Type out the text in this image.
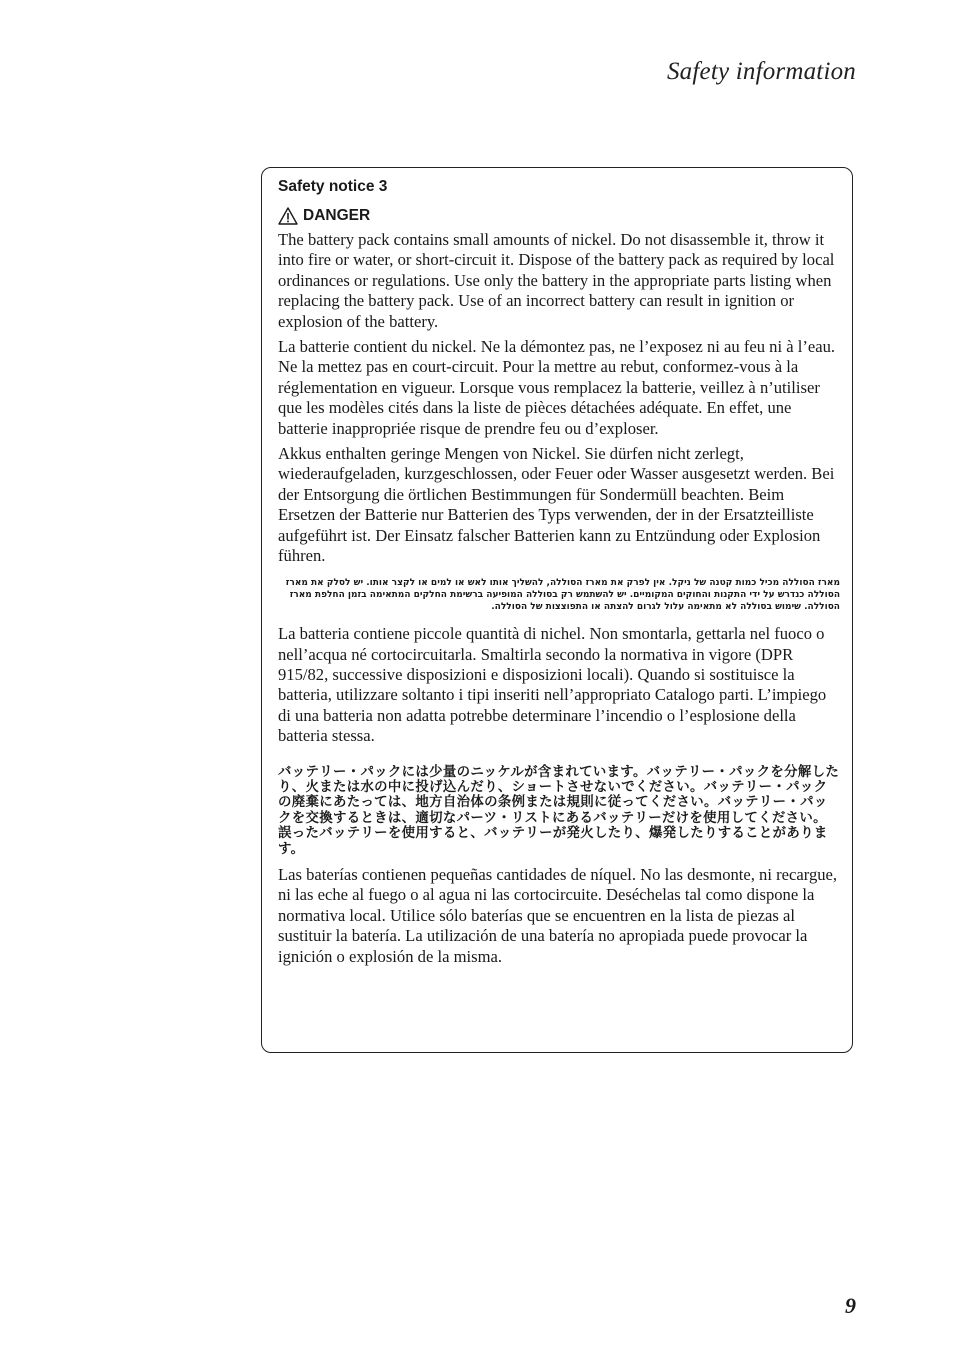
Safety information
Safety notice 3
DANGER

The battery pack contains small amounts of nickel. Do not disassemble it, throw it into fire or water, or short-circuit it. Dispose of the battery pack as required by local ordinances or regulations. Use only the battery in the appropriate parts listing when replacing the battery pack. Use of an incorrect battery can result in ignition or explosion of the battery.

La batterie contient du nickel. Ne la démontez pas, ne l’exposez ni au feu ni à l’eau. Ne la mettez pas en court-circuit. Pour la mettre au rebut, conformez-vous à la réglementation en vigueur. Lorsque vous remplacez la batterie, veillez à n’utiliser que les modèles cités dans la liste de pièces détachées adéquate. En effet, une batterie inappropriée risque de prendre feu ou d’exploser.

Akkus enthalten geringe Mengen von Nickel. Sie dürfen nicht zerlegt, wiederaufgeladen, kurzgeschlossen, oder Feuer oder Wasser ausgesetzt werden. Bei der Entsorgung die örtlichen Bestimmungen für Sondermüll beachten. Beim Ersetzen der Batterie nur Batterien des Typs verwenden, der in der Ersatzteilliste aufgeführt ist. Der Einsatz falscher Batterien kann zu Entzündung oder Explosion führen.

מארז הסוללה מכיל כמות קטנה של ניקל. אין לפרק את מארז הסוללה, להשליך אותו לאש או למים או לקצר אותו. יש לסלק את מארז הסוללה כנדרש על ידי התקנות והחוקים המקומיים. יש להשתמש רק בסוללה המופיעה ברשימת החלקים המתאימה בזמן החלפת מארז הסוללה. שימוש בסוללה לא מתאימה עלול לגרום להצתה או התפוצצות של הסוללה.

La batteria contiene piccole quantità di nichel. Non smontarla, gettarla nel fuoco o nell’acqua né cortocircuitarla. Smaltirla secondo la normativa in vigore (DPR 915/82, successive disposizioni e disposizioni locali). Quando si sostituisce la batteria, utilizzare soltanto i tipi inseriti nell’appropriato Catalogo parti. L’impiego di una batteria non adatta potrebbe determinare l’incendio o l’esplosione della batteria stessa.

バッテリー・パックには少量のニッケルが含まれています。バッテリー・パックを分解したり、火または水の中に投げ込んだり、ショートさせないでください。バッテリー・パックの廃棄にあたっては、地方自治体の条例または規則に従ってください。バッテリー・パックを交換するときは、適切なパーツ・リストにあるバッテリーだけを使用してください。誤ったバッテリーを使用すると、バッテリーが発火したり、爆発したりすることがあります。

Las baterías contienen pequeñas cantidades de níquel. No las desmonte, ni recargue, ni las eche al fuego o al agua ni las cortocircuite. Deséchelas tal como dispone la normativa local. Utilice sólo baterías que se encuentren en la lista de piezas al sustituir la batería. La utilización de una batería no apropiada puede provocar la ignición o explosión de la misma.

9
